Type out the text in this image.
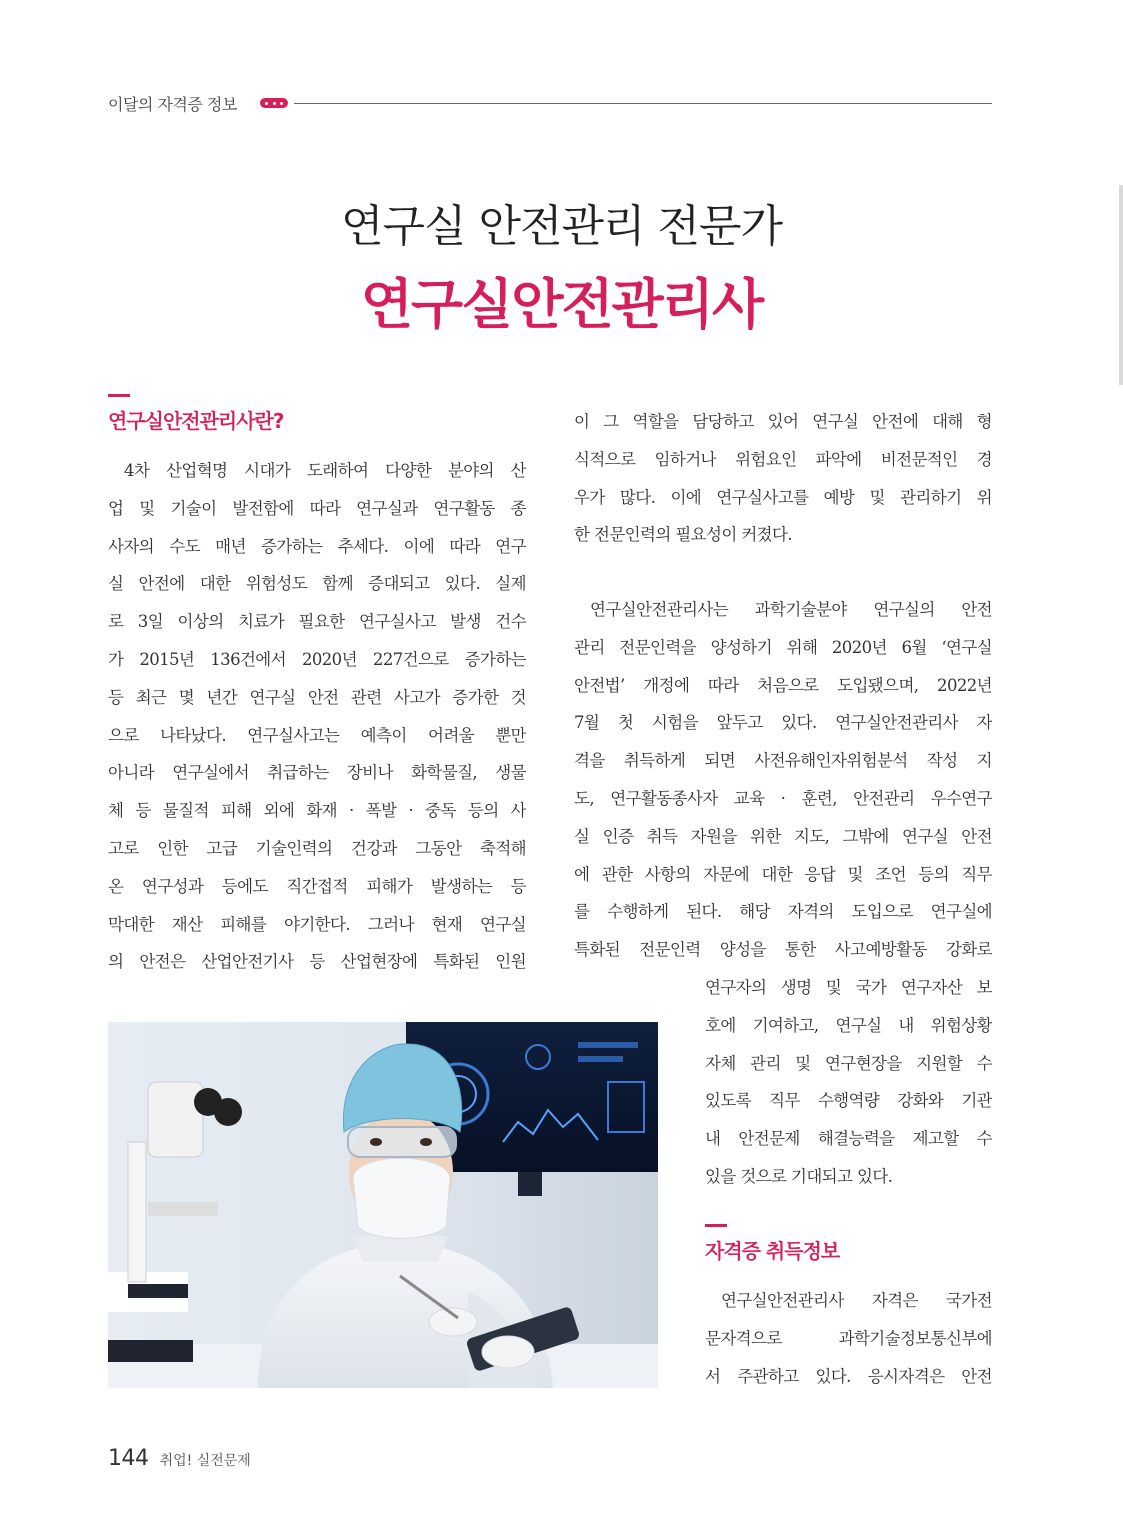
이달의 자격증 정보
연구실 안전관리 전문가
연구실안전관리사
연구실안전관리사란?
4차 산업혁명 시대가 도래하여 다양한 분야의 산
업 및 기술이 발전함에 따라 연구실과 연구활동 종
사자의 수도 매년 증가하는 추세다. 이에 따라 연구
실 안전에 대한 위험성도 함께 증대되고 있다. 실제
로 3일 이상의 치료가 필요한 연구실사고 발생 건수
가 2015년 136건에서 2020년 227건으로 증가하는
등 최근 몇 년간 연구실 안전 관련 사고가 증가한 것
으로 나타났다. 연구실사고는 예측이 어려울 뿐만
아니라 연구실에서 취급하는 장비나 화학물질, 생물
체 등 물질적 피해 외에 화재 · 폭발 · 중독 등의 사
고로 인한 고급 기술인력의 건강과 그동안 축적해
온 연구성과 등에도 직간접적 피해가 발생하는 등
막대한 재산 피해를 야기한다. 그러나 현재 연구실
의 안전은 산업안전기사 등 산업현장에 특화된 인원
이 그 역할을 담당하고 있어 연구실 안전에 대해 형
식적으로 임하거나 위험요인 파악에 비전문적인 경
우가 많다. 이에 연구실사고를 예방 및 관리하기 위
한 전문인력의 필요성이 커졌다.
연구실안전관리사는 과학기술분야 연구실의 안전
관리 전문인력을 양성하기 위해 2020년 6월 ‘연구실
안전법’ 개정에 따라 처음으로 도입됐으며, 2022년
7월 첫 시험을 앞두고 있다. 연구실안전관리사 자
격을 취득하게 되면 사전유해인자위험분석 작성 지
도, 연구활동종사자 교육 · 훈련, 안전관리 우수연구
실 인증 취득 자원을 위한 지도, 그밖에 연구실 안전
에 관한 사항의 자문에 대한 응답 및 조언 등의 직무
를 수행하게 된다. 해당 자격의 도입으로 연구실에
특화된 전문인력 양성을 통한 사고예방활동 강화로
연구자의 생명 및 국가 연구자산 보
호에 기여하고, 연구실 내 위험상황
자체 관리 및 연구현장을 지원할 수
있도록 직무 수행역량 강화와 기관
내 안전문제 해결능력을 제고할 수
있을 것으로 기대되고 있다.
자격증 취득정보
연구실안전관리사 자격은 국가전
문자격으로 과학기술정보통신부에
서 주관하고 있다. 응시자격은 안전
144 취업! 실전문제
